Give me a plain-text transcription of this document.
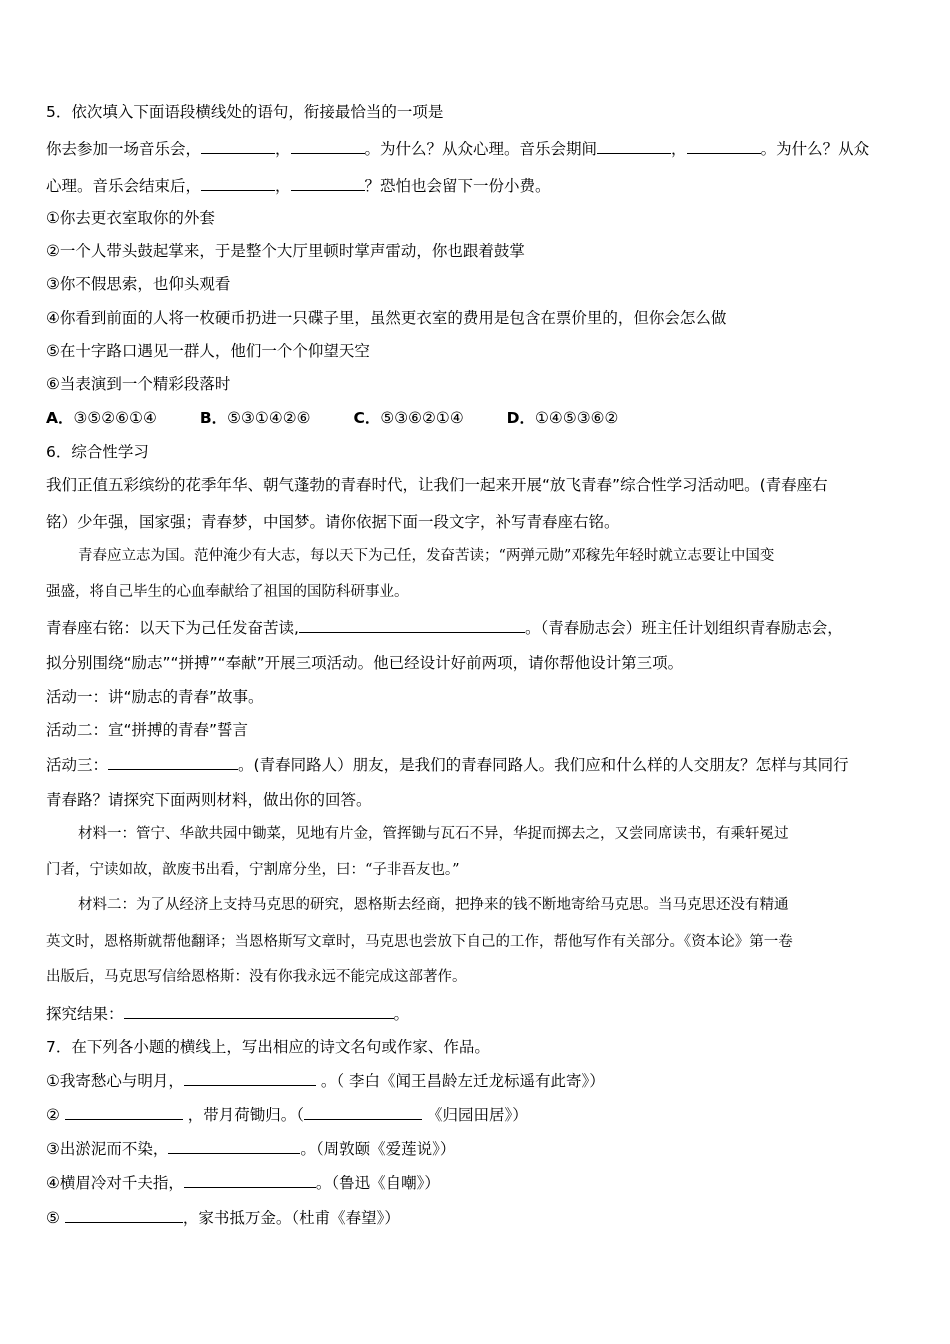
5．依次填入下面语段横线处的语句，衔接最恰当的一项是
你去参加一场音乐会，	，	。为什么？从众心理。音乐会期间	，	。为什么？从众
心理。音乐会结束后，	，	？恐怕也会留下一份小费。
①你去更衣室取你的外套
②一个人带头鼓起掌来，于是整个大厅里顿时掌声雷动，你也跟着鼓掌
③你不假思索，也仰头观看
④你看到前面的人将一枚硬币扔进一只碟子里，虽然更衣室的费用是包含在票价里的，但你会怎么做
⑤在十字路口遇见一群人，他们一个个仰望天空
⑥当表演到一个精彩段落时
A．③⑤②⑥①④	B．⑤③①④②⑥	C．⑤③⑥②①④	D．①④⑤③⑥②
6．综合性学习
我们正值五彩缤纷的花季年华、朝气蓬勃的青春时代，让我们一起来开展“放飞青春”综合性学习活动吧。(青春座右
铭）少年强，国家强；青春梦，中国梦。请你依据下面一段文字，补写青春座右铭。
青春应立志为国。范仲淹少有大志，每以天下为己任，发奋苦读；“两弹元勋”邓稼先年轻时就立志要让中国变
强盛，将自己毕生的心血奉献给了祖国的国防科研事业。
青春座右铭：以天下为己任发奋苦读,	。（青春励志会）班主任计划组织青春励志会，
拟分别围绕“励志”“拼搏”“奉献”开展三项活动。他已经设计好前两项，请你帮他设计第三项。
活动一：讲“励志的青春”故事。
活动二：宣“拼搏的青春”誓言
活动三：	。(青春同路人）朋友，是我们的青春同路人。我们应和什么样的人交朋友？怎样与其同行
青春路？请探究下面两则材料，做出你的回答。
材料一：管宁、华歆共园中锄菜，见地有片金，管挥锄与瓦石不异，华捉而掷去之，又尝同席读书，有乘轩冕过
门者，宁读如故，歆废书出看，宁割席分坐，曰：“子非吾友也。”
材料二：为了从经济上支持马克思的研究，恩格斯去经商，把挣来的钱不断地寄给马克思。当马克思还没有精通
英文时，恩格斯就帮他翻译；当恩格斯写文章时，马克思也尝放下自己的工作，帮他写作有关部分。《资本论》第一卷
出版后，马克思写信给恩格斯：没有你我永远不能完成这部著作。
探究结果：	。
7．在下列各小题的横线上，写出相应的诗文名句或作家、作品。
①我寄愁心与明月，	。（ 李白《闻王昌龄左迁龙标遥有此寄》）
②	，带月荷锄归。（	《归园田居》）
③出淤泥而不染，	。（周敦颐《爱莲说》）
④横眉冷对千夫指，	。（鲁迅《自嘲》）
⑤	，家书抵万金。（杜甫《春望》）
